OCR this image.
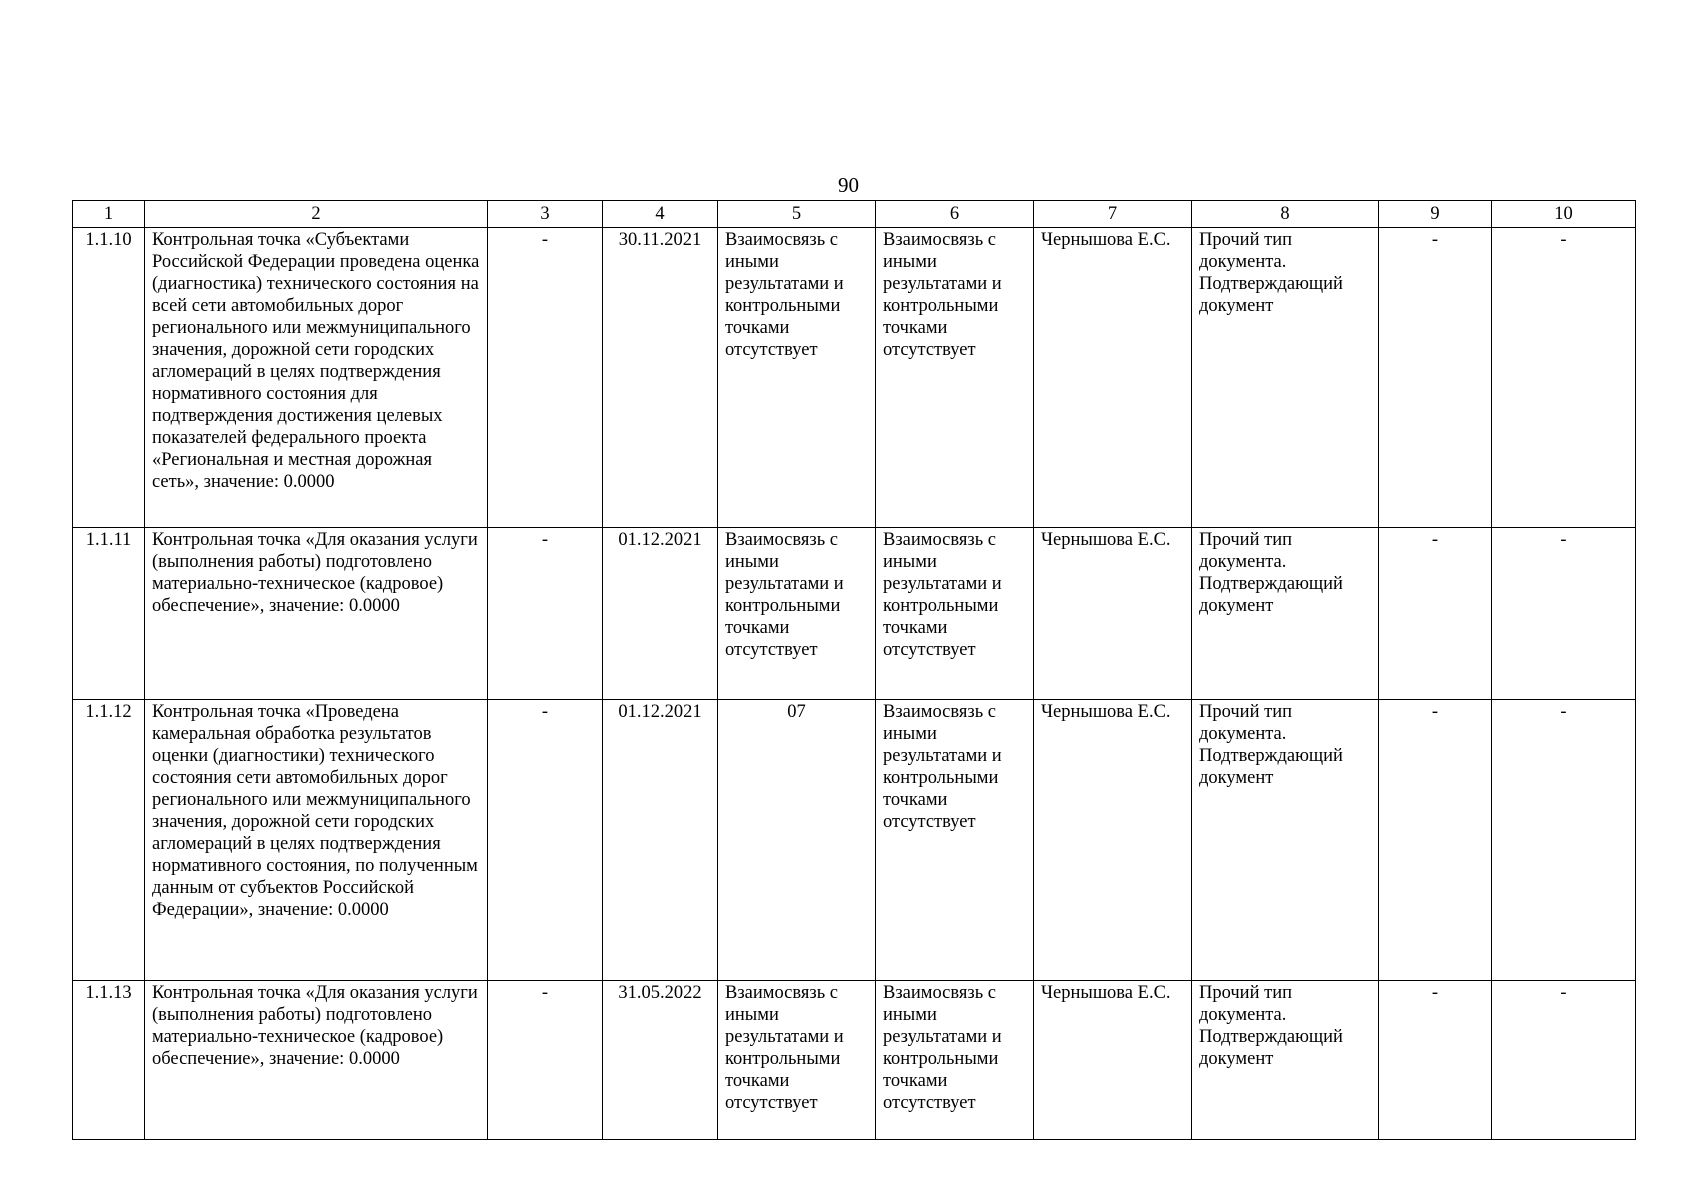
90
1	2	3	4	5	6	7	8	9	10
1.1.10	Контрольная точка «Субъектами Российской Федерации проведена оценка (диагностика) технического состояния на всей сети автомобильных дорог регионального или межмуниципального значения, дорожной сети городских агломераций в целях подтверждения нормативного состояния для подтверждения достижения целевых показателей федерального проекта «Региональная и местная дорожная сеть», значение: 0.0000	-	30.11.2021	Взаимосвязь с иными результатами и контрольными точками отсутствует	Взаимосвязь с иными результатами и контрольными точками отсутствует	Чернышова Е.С.	Прочий тип документа. Подтверждающий документ	-	-
1.1.11	Контрольная точка «Для оказания услуги (выполнения работы) подготовлено материально-техническое (кадровое) обеспечение», значение: 0.0000	-	01.12.2021	Взаимосвязь с иными результатами и контрольными точками отсутствует	Взаимосвязь с иными результатами и контрольными точками отсутствует	Чернышова Е.С.	Прочий тип документа. Подтверждающий документ	-	-
1.1.12	Контрольная точка «Проведена камеральная обработка результатов оценки (диагностики) технического состояния сети автомобильных дорог регионального или межмуниципального значения, дорожной сети городских агломераций в целях подтверждения нормативного состояния, по полученным данным от субъектов Российской Федерации», значение: 0.0000	-	01.12.2021	07	Взаимосвязь с иными результатами и контрольными точками отсутствует	Чернышова Е.С.	Прочий тип документа. Подтверждающий документ	-	-
1.1.13	Контрольная точка «Для оказания услуги (выполнения работы) подготовлено материально-техническое (кадровое) обеспечение», значение: 0.0000	-	31.05.2022	Взаимосвязь с иными результатами и контрольными точками отсутствует	Взаимосвязь с иными результатами и контрольными точками отсутствует	Чернышова Е.С.	Прочий тип документа. Подтверждающий документ	-	-
